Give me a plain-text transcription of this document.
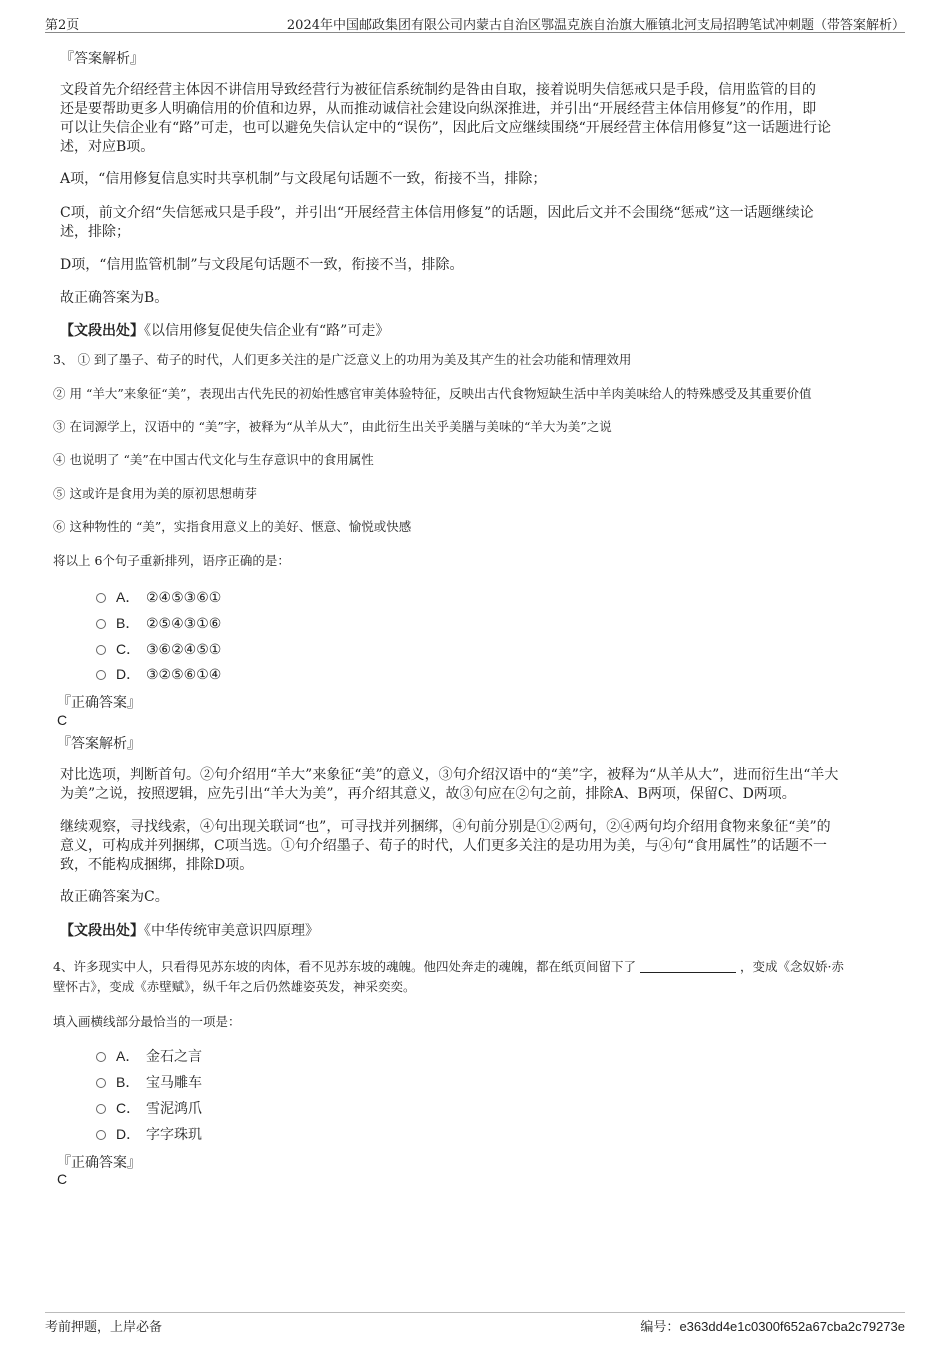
第2页	2024年中国邮政集团有限公司内蒙古自治区鄂温克族自治旗大雁镇北河支局招聘笔试冲刺题（带答案解析）
『答案解析』
文段首先介绍经营主体因不讲信用导致经营行为被征信系统制约是咎由自取，接着说明失信惩戒只是手段，信用监管的目的
还是要帮助更多人明确信用的价值和边界，从而推动诚信社会建设向纵深推进，并引出“开展经营主体信用修复”的作用，即
可以让失信企业有“路”可走，也可以避免失信认定中的“误伤”，因此后文应继续围绕“开展经营主体信用修复”这一话题进行论
述，对应B项。
A项，“信用修复信息实时共享机制”与文段尾句话题不一致，衔接不当，排除；
C项，前文介绍“失信惩戒只是手段”，并引出“开展经营主体信用修复”的话题，因此后文并不会围绕“惩戒”这一话题继续论
述，排除；
D项，“信用监管机制”与文段尾句话题不一致，衔接不当，排除。
故正确答案为B。
【文段出处】《以信用修复促使失信企业有“路”可走》
3、 ① 到了墨子、荀子的时代，人们更多关注的是广泛意义上的功用为美及其产生的社会功能和情理效用
② 用 “羊大”来象征“美”，表现出古代先民的初始性感官审美体验特征，反映出古代食物短缺生活中羊肉美味给人的特殊感受及其重要价值
③ 在词源学上，汉语中的 “美”字，被释为“从羊从大”，由此衍生出关乎美膳与美味的“羊大为美”之说
④ 也说明了 “美”在中国古代文化与生存意识中的食用属性
⑤ 这或许是食用为美的原初思想萌芽
⑥ 这种物性的 “美”，实指食用意义上的美好、惬意、愉悦或快感
将以上 6个句子重新排列，语序正确的是：
A． ②④⑤③⑥①
B． ②⑤④③①⑥
C． ③⑥②④⑤①
D． ③②⑤⑥①④
『正确答案』
C
『答案解析』
对比选项，判断首句。②句介绍用“羊大”来象征“美”的意义，③句介绍汉语中的“美”字，被释为“从羊从大”，进而衍生出“羊大
为美”之说，按照逻辑，应先引出“羊大为美”，再介绍其意义，故③句应在②句之前，排除A、B两项，保留C、D两项。
继续观察，寻找线索，④句出现关联词“也”，可寻找并列捆绑，④句前分别是①②两句，②④两句均介绍用食物来象征“美”的
意义，可构成并列捆绑，C项当选。①句介绍墨子、荀子的时代，人们更多关注的是功用为美，与④句“食用属性”的话题不一
致，不能构成捆绑，排除D项。
故正确答案为C。
【文段出处】《中华传统审美意识四原理》
4、许多现实中人，只看得见苏东坡的肉体，看不见苏东坡的魂魄。他四处奔走的魂魄，都在纸页间留下了	，变成《念奴娇·赤
壁怀古》，变成《赤壁赋》，纵千年之后仍然雄姿英发，神采奕奕。
填入画横线部分最恰当的一项是：
A． 金石之言
B． 宝马雕车
C． 雪泥鸿爪
D． 字字珠玑
『正确答案』
C
考前押题，上岸必备	编号：e363dd4e1c0300f652a67cba2c79273e
